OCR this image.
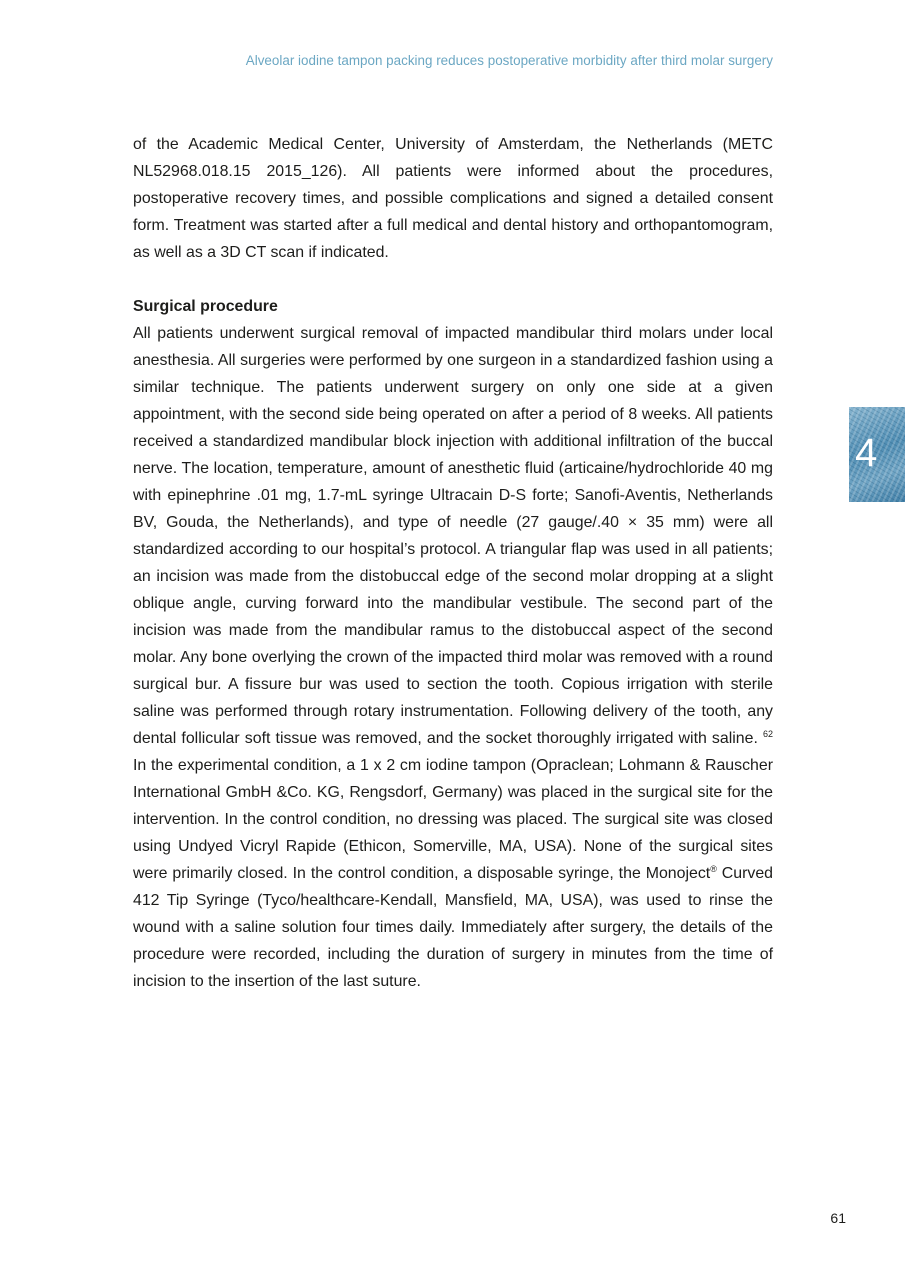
Alveolar iodine tampon packing reduces postoperative morbidity after third molar surgery

of the Academic Medical Center, University of Amsterdam, the Netherlands (METC NL52968.018.15 2015_126). All patients were informed about the procedures, postoperative recovery times, and possible complications and signed a detailed consent form. Treatment was started after a full medical and dental history and orthopantomogram, as well as a 3D CT scan if indicated.

Surgical procedure

All patients underwent surgical removal of impacted mandibular third molars under local anesthesia. All surgeries were performed by one surgeon in a standardized fashion using a similar technique. The patients underwent surgery on only one side at a given appointment, with the second side being operated on after a period of 8 weeks. All patients received a standardized mandibular block injection with additional infiltration of the buccal nerve. The location, temperature, amount of anesthetic fluid (articaine/hydrochloride 40 mg with epinephrine .01 mg, 1.7-mL syringe Ultracain D-S forte; Sanofi-Aventis, Netherlands BV, Gouda, the Netherlands), and type of needle (27 gauge/.40 × 35 mm) were all standardized according to our hospital’s protocol. A triangular flap was used in all patients; an incision was made from the distobuccal edge of the second molar dropping at a slight oblique angle, curving forward into the mandibular vestibule. The second part of the incision was made from the mandibular ramus to the distobuccal aspect of the second molar. Any bone overlying the crown of the impacted third molar was removed with a round surgical bur. A fissure bur was used to section the tooth. Copious irrigation with sterile saline was performed through rotary instrumentation. Following delivery of the tooth, any dental follicular soft tissue was removed, and the socket thoroughly irrigated with saline. $^{62}$ In the experimental condition, a 1 x 2 cm iodine tampon (Opraclean; Lohmann & Rauscher International GmbH &Co. KG, Rengsdorf, Germany) was placed in the surgical site for the intervention. In the control condition, no dressing was placed. The surgical site was closed using Undyed Vicryl Rapide (Ethicon, Somerville, MA, USA). None of the surgical sites were primarily closed. In the control condition, a disposable syringe, the Monoject® Curved 412 Tip Syringe (Tyco/healthcare-Kendall, Mansfield, MA, USA), was used to rinse the wound with a saline solution four times daily. Immediately after surgery, the details of the procedure were recorded, including the duration of surgery in minutes from the time of incision to the insertion of the last suture.

4
61
